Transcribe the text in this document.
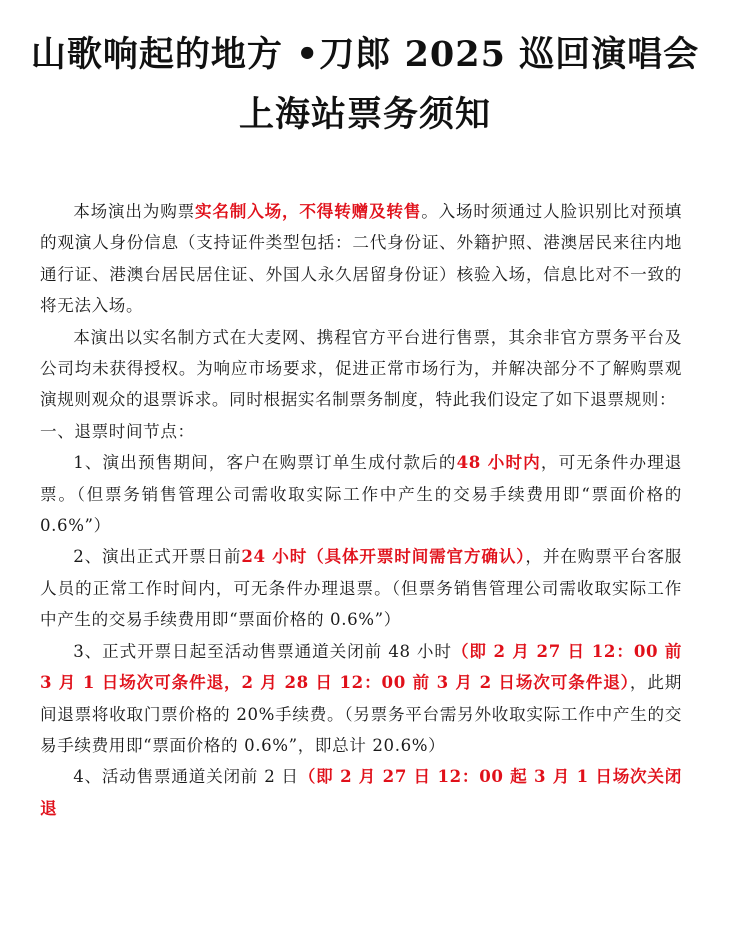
山歌响起的地方 •刀郎 2025 巡回演唱会
上海站票务须知

本场演出为购票实名制入场，不得转赠及转售。入场时须通过人脸识别比对预填的观演人身份信息（支持证件类型包括：二代身份证、外籍护照、港澳居民来往内地通行证、港澳台居民居住证、外国人永久居留身份证）核验入场，信息比对不一致的将无法入场。

本演出以实名制方式在大麦网、携程官方平台进行售票，其余非官方票务平台及公司均未获得授权。为响应市场要求，促进正常市场行为，并解决部分不了解购票观演规则观众的退票诉求。同时根据实名制票务制度，特此我们设定了如下退票规则：

一、退票时间节点：

1、演出预售期间，客户在购票订单生成付款后的48 小时内，可无条件办理退票。（但票务销售管理公司需收取实际工作中产生的交易手续费用即“票面价格的 0.6%”）

2、演出正式开票日前24 小时（具体开票时间需官方确认），并在购票平台客服人员的正常工作时间内，可无条件办理退票。（但票务销售管理公司需收取实际工作中产生的交易手续费用即“票面价格的 0.6%”）

3、正式开票日起至活动售票通道关闭前 48 小时（即 2 月 27 日 12：00 前 3 月 1 日场次可条件退，2 月 28 日 12：00 前 3 月 2 日场次可条件退），此期间退票将收取门票价格的 20%手续费。（另票务平台需另外收取实际工作中产生的交易手续费用即“票面价格的 0.6%”，即总计 20.6%）

4、活动售票通道关闭前 2 日（即 2 月 27 日 12：00 起 3 月 1 日场次关闭退
